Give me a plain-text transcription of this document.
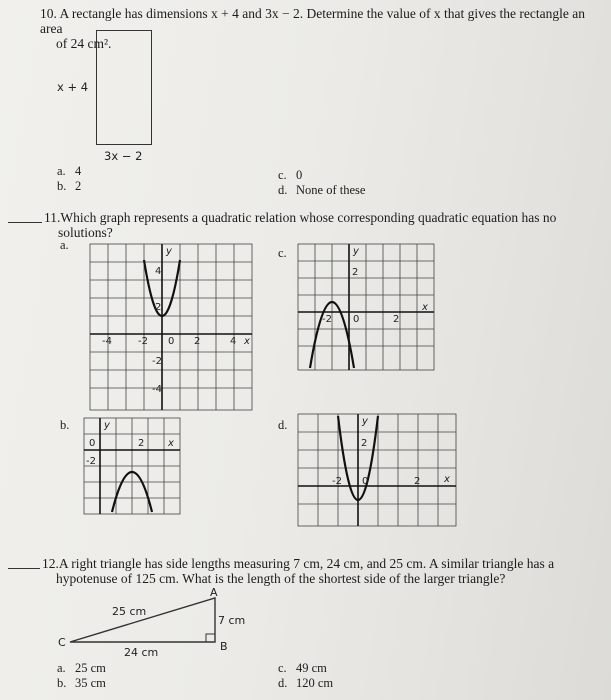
10. A rectangle has dimensions x + 4 and 3x − 2. Determine the value of x that gives the rectangle an area
of 24 cm².
x + 4
3x − 2
a. 4
b. 2
c. 0
d. None of these
11.Which graph represents a quadratic relation whose corresponding quadratic equation has no
solutions?
a.
b.
c.
d.
y
x
-4	-2 0 2	4
4
2
-2
-4
y
x
0	2
-2
y
x
-2 0	2
2
y
x
-2 0	2
2
12.A right triangle has side lengths measuring 7 cm, 24 cm, and 25 cm. A similar triangle has a
hypotenuse of 125 cm. What is the length of the shortest side of the larger triangle?
A
B
C
25 cm
7 cm
24 cm
a. 25 cm
b. 35 cm
c. 49 cm
d. 120 cm
